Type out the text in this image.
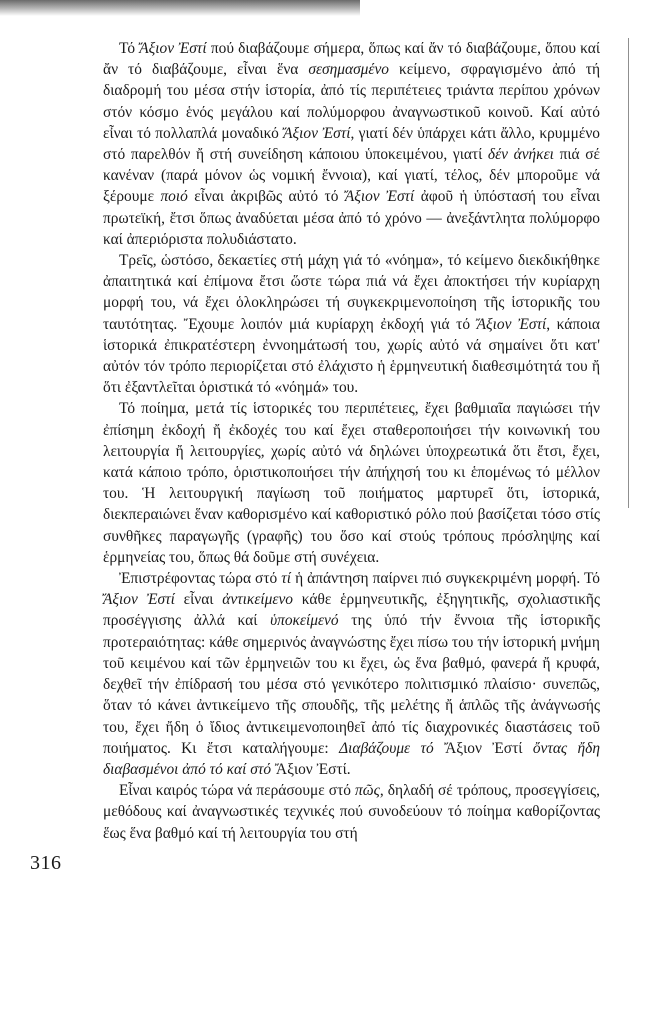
316

Τό Ἄξιον Ἐστί πού διαβάζουμε σήμερα, ὅπως καί ἄν τό διαβάζουμε, ὅπου καί ἄν τό διαβάζουμε, εἶναι ἕνα σεσημασμένο κείμενο, σφραγισμένο ἀπό τή διαδρομή του μέσα στήν ἱστορία, ἀπό τίς περιπέτειες τριάντα περίπου χρόνων στόν κόσμο ἑνός μεγάλου καί πολύμορφου ἀναγνωστικοῦ κοινοῦ. Καί αὐτό εἶναι τό πολλαπλά μοναδικό Ἄξιον Ἐστί, γιατί δέν ὑπάρχει κάτι ἄλλο, κρυμμένο στό παρελθόν ἤ στή συνείδηση κάποιου ὑποκειμένου, γιατί δέν ἀνήκει πιά σέ κανέναν (παρά μόνον ὡς νομική ἔννοια), καί γιατί, τέλος, δέν μποροῦμε νά ξέρουμε ποιό εἶναι ἀκριβῶς αὐτό τό Ἄξιον Ἐστί ἀφοῦ ἡ ὑπόστασή του εἶναι πρωτεϊκή, ἔτσι ὅπως ἀναδύεται μέσα ἀπό τό χρόνο — ἀνεξάντλητα πολύμορφο καί ἀπεριόριστα πολυδιάστατο.

Τρεῖς, ὡστόσο, δεκαετίες στή μάχη γιά τό «νόημα», τό κείμενο διεκδικήθηκε ἀπαιτητικά καί ἐπίμονα ἔτσι ὥστε τώρα πιά νά ἔχει ἀποκτήσει τήν κυρίαρχη μορφή του, νά ἔχει ὁλοκληρώσει τή συγκεκριμενοποίηση τῆς ἱστορικῆς του ταυτότητας. Ἔχουμε λοιπόν μιά κυρίαρχη ἐκδοχή γιά τό Ἄξιον Ἐστί, κάποια ἱστορικά ἐπικρατέστερη ἐννοημάτωσή του, χωρίς αὐτό νά σημαίνει ὅτι κατ' αὐτόν τόν τρόπο περιορίζεται στό ἐλάχιστο ἡ ἑρμηνευτική διαθεσιμότητά του ἤ ὅτι ἐξαντλεῖται ὁριστικά τό «νόημά» του.

Τό ποίημα, μετά τίς ἱστορικές του περιπέτειες, ἔχει βαθμιαῖα παγιώσει τήν ἐπίσημη ἐκδοχή ἤ ἐκδοχές του καί ἔχει σταθεροποιήσει τήν κοινωνική του λειτουργία ἤ λειτουργίες, χωρίς αὐτό νά δηλώνει ὑποχρεωτικά ὅτι ἔτσι, ἔχει, κατά κάποιο τρόπο, ὁριστικοποιήσει τήν ἀπήχησή του κι ἑπομένως τό μέλλον του. Ἡ λειτουργική παγίωση τοῦ ποιήματος μαρτυρεῖ ὅτι, ἱστορικά, διεκπεραιώνει ἕναν καθορισμένο καί καθοριστικό ρόλο πού βασίζεται τόσο στίς συνθῆκες παραγωγῆς (γραφῆς) του ὅσο καί στούς τρόπους πρόσληψης καί ἑρμηνείας του, ὅπως θά δοῦμε στή συνέχεια.

Ἐπιστρέφοντας τώρα στό τί ἡ ἀπάντηση παίρνει πιό συγκεκριμένη μορφή. Τό Ἄξιον Ἐστί εἶναι ἀντικείμενο κάθε ἑρμηνευτικῆς, ἐξηγητικῆς, σχολιαστικῆς προσέγγισης ἀλλά καί ὑποκείμενό της ὑπό τήν ἔννοια τῆς ἱστορικῆς προτεραιότητας: κάθε σημερινός ἀναγνώστης ἔχει πίσω του τήν ἱστορική μνήμη τοῦ κειμένου καί τῶν ἑρμηνειῶν του κι ἔχει, ὡς ἕνα βαθμό, φανερά ἤ κρυφά, δεχθεῖ τήν ἐπίδρασή του μέσα στό γενικότερο πολιτισμικό πλαίσιο· συνεπῶς, ὅταν τό κάνει ἀντικείμενο τῆς σπουδῆς, τῆς μελέτης ἤ ἁπλῶς τῆς ἀνάγνωσής του, ἔχει ἤδη ὁ ἴδιος ἀντικειμενοποιηθεῖ ἀπό τίς διαχρονικές διαστάσεις τοῦ ποιήματος. Κι ἔτσι καταλήγουμε: Διαβάζουμε τό Ἄξιον Ἐστί ὄντας ἤδη διαβασμένοι ἀπό τό καί στό Ἄξιον Ἐστί.

Εἶναι καιρός τώρα νά περάσουμε στό πῶς, δηλαδή σέ τρόπους, προσεγγίσεις, μεθόδους καί ἀναγνωστικές τεχνικές πού συνοδεύουν τό ποίημα καθορίζοντας ἕως ἕνα βαθμό καί τή λειτουργία του στή
